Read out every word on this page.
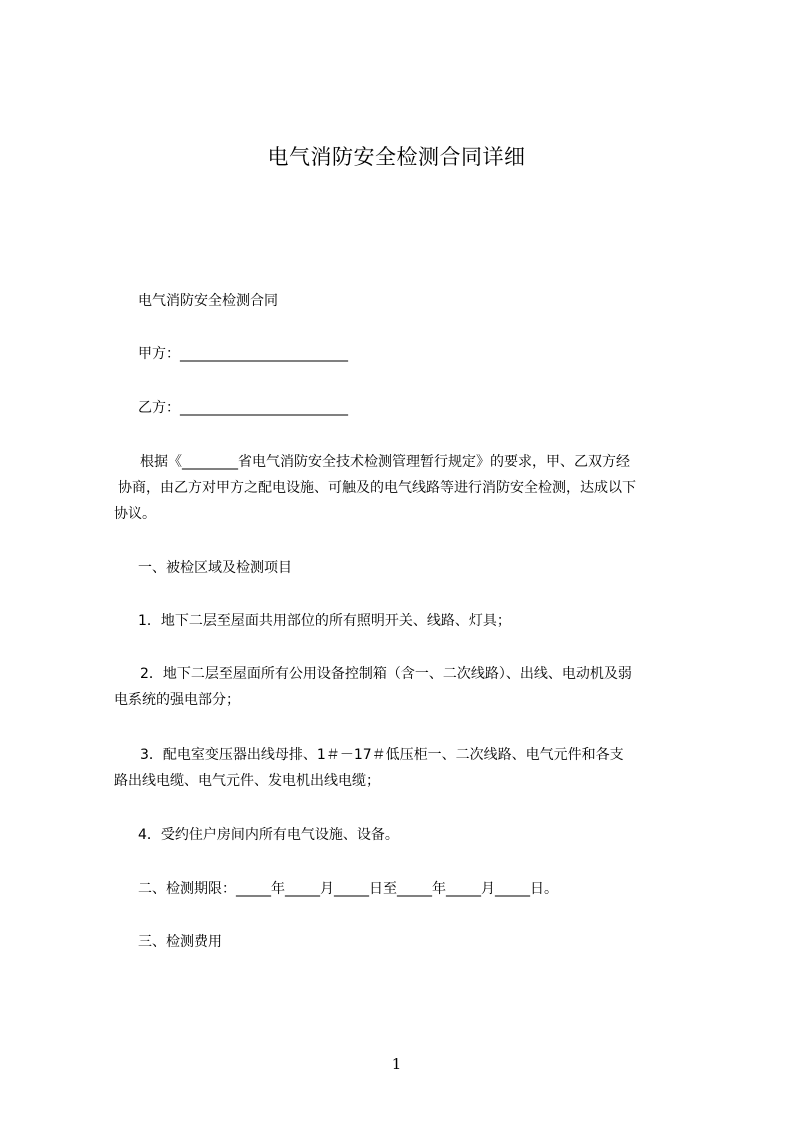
电气消防安全检测合同详细
电气消防安全检测合同
甲方：________________________
乙方：________________________
根据《________省电气消防安全技术检测管理暂行规定》的要求，甲、乙双方经
协商，由乙方对甲方之配电设施、可触及的电气线路等进行消防安全检测，达成以下
协议。
一、被检区域及检测项目
1．地下二层至屋面共用部位的所有照明开关、线路、灯具；
2．地下二层至屋面所有公用设备控制箱（含一、二次线路）、出线、电动机及弱
电系统的强电部分；
3．配电室变压器出线母排、1＃－17＃低压柜一、二次线路、电气元件和各支
路出线电缆、电气元件、发电机出线电缆；
4．受约住户房间内所有电气设施、设备。
二、检测期限：_____年_____月_____日至_____年_____月_____日。
三、检测费用
1
